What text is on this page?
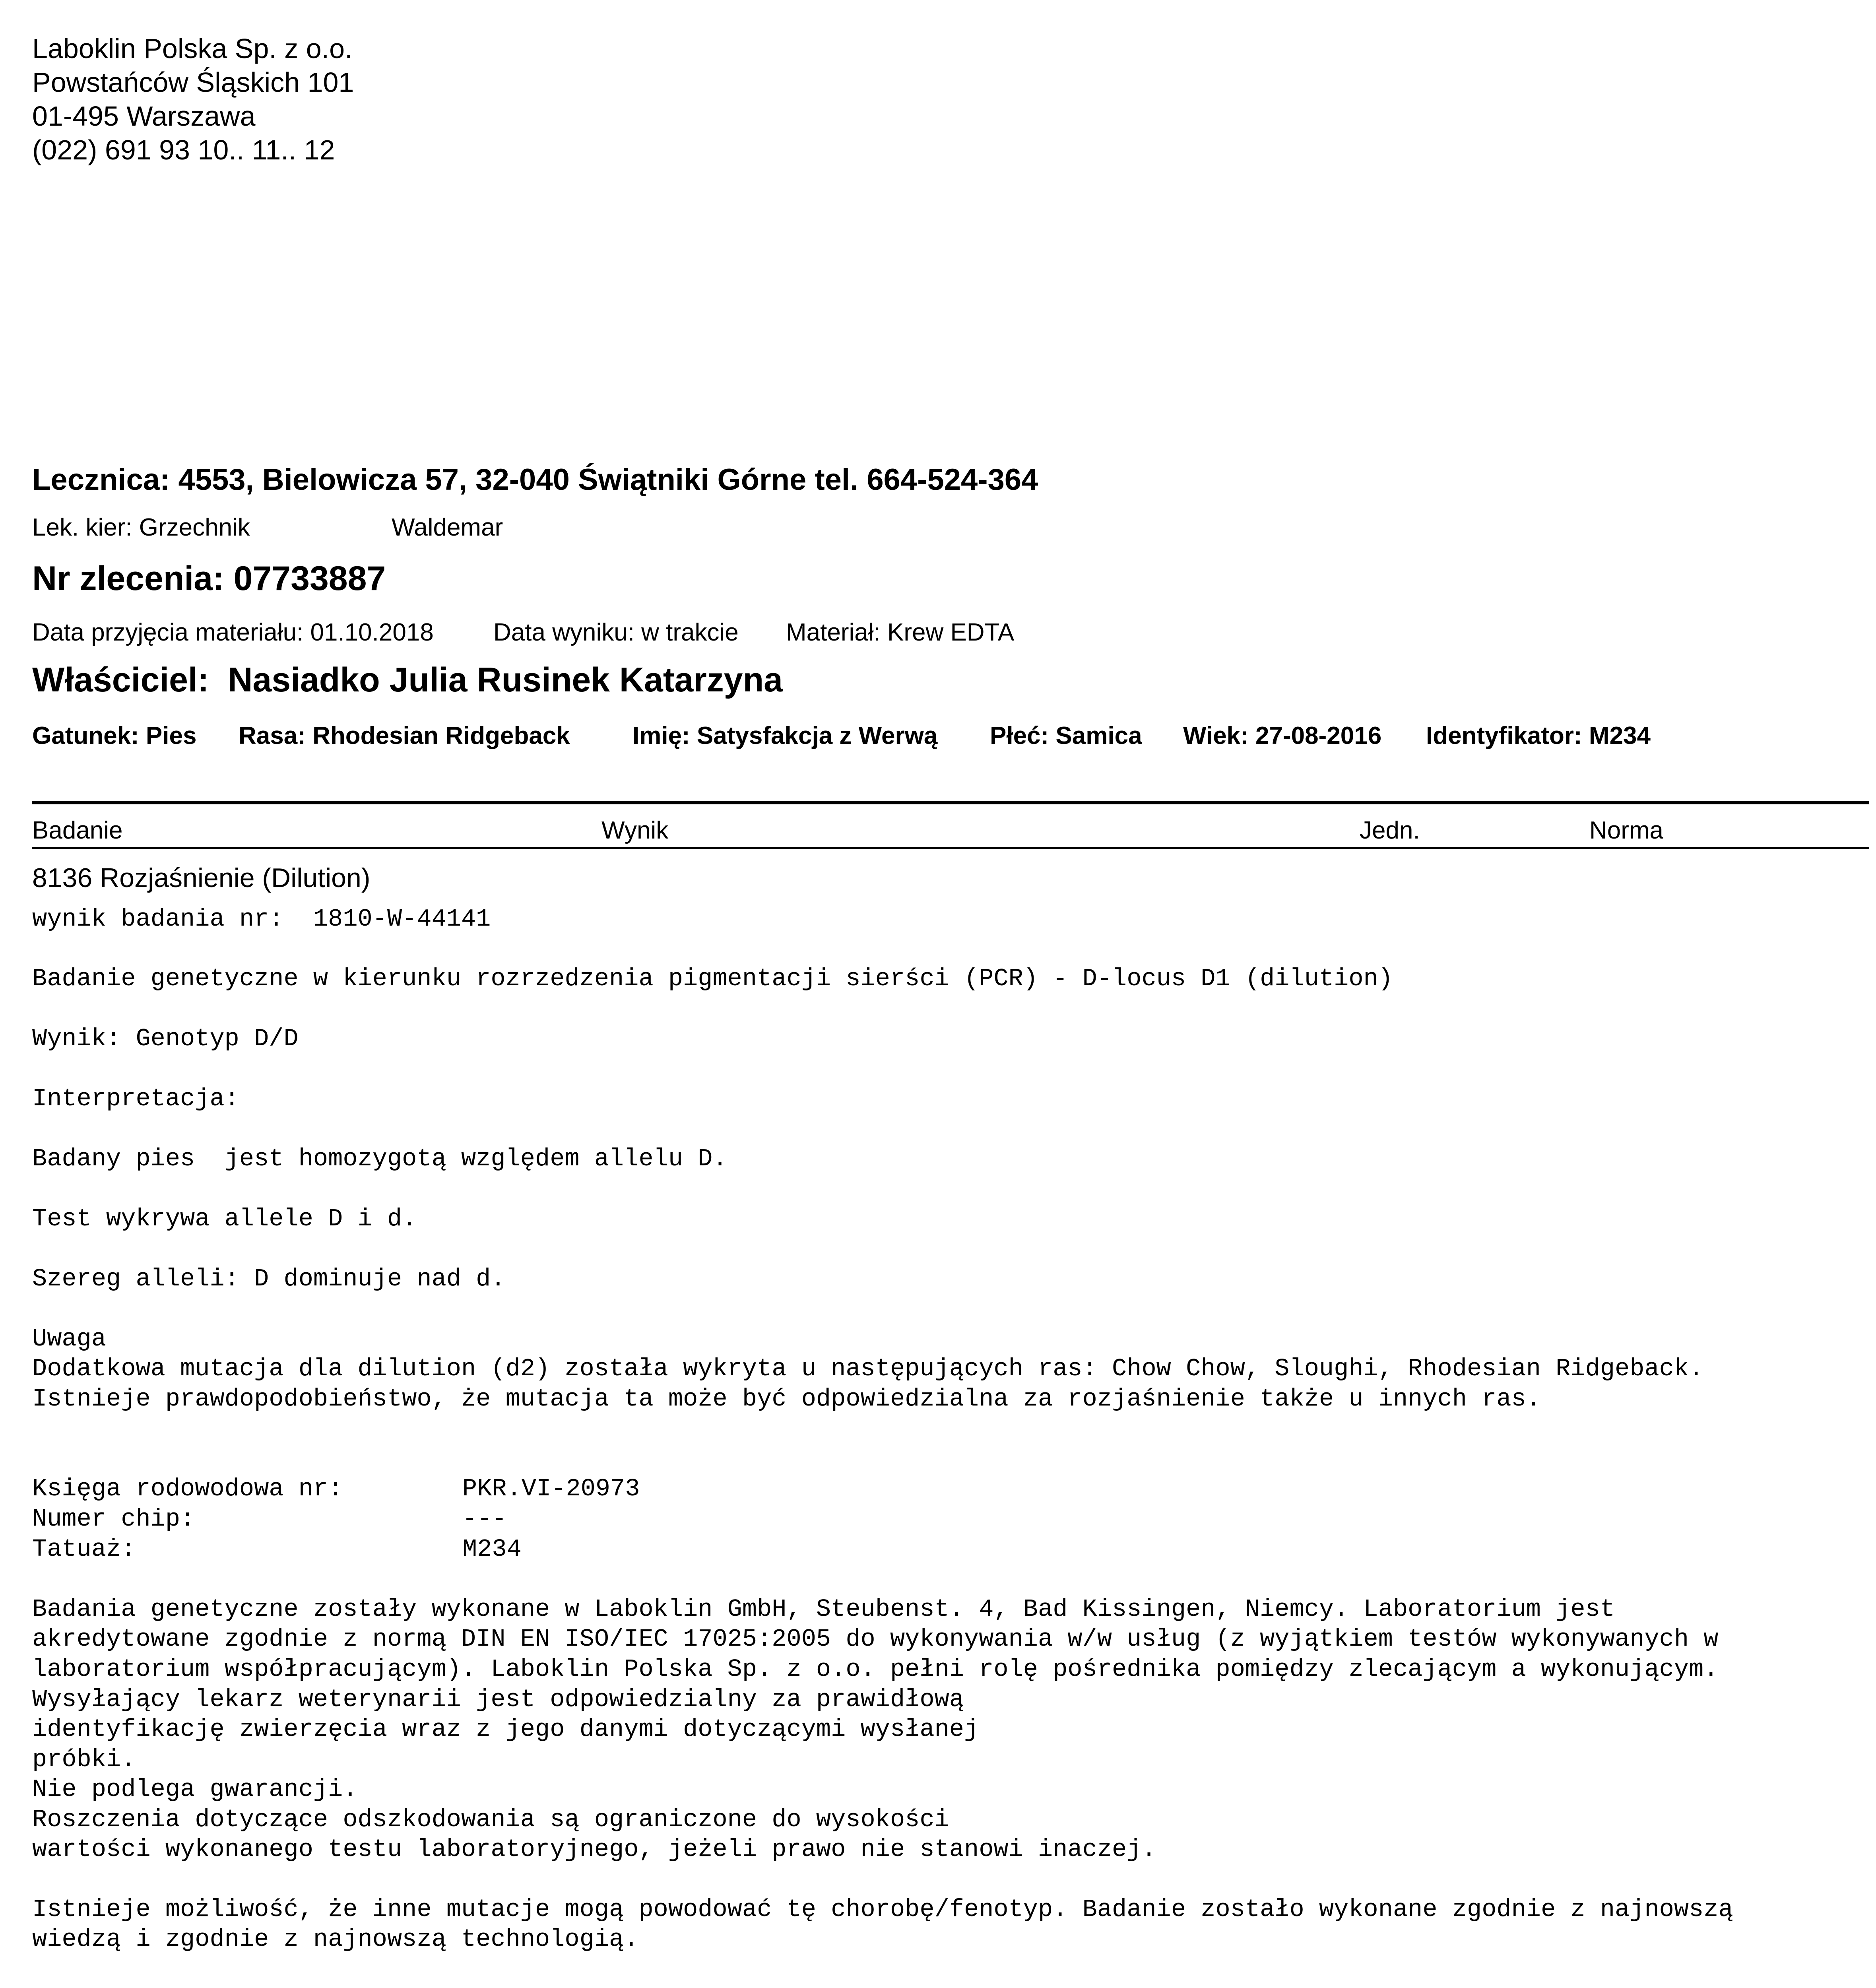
Laboklin Polska Sp. z o.o.
Powstańców Śląskich 101
01-495 Warszawa
(022) 691 93 10.. 11.. 12
Lecznica: 4553, Bielowicza 57, 32-040 Świątniki Górne tel. 664-524-364
Lek. kier: Grzechnik	Waldemar
Nr zlecenia: 07733887
Data przyjęcia materiału: 01.10.2018 Data wyniku: w trakcie Materiał: Krew EDTA
Właściciel:  Nasiadko Julia Rusinek Katarzyna
Gatunek: Pies Rasa: Rhodesian Ridgeback	Imię: Satysfakcja z Werwą Płeć: Samica Wiek: 27-08-2016 Identyfikator: M234
Badanie	Wynik	Jedn.	Norma
8136 Rozjaśnienie (Dilution)
wynik badania nr:  1810-W-44141
Badanie genetyczne w kierunku rozrzedzenia pigmentacji sierści (PCR) - D-locus D1 (dilution)
Wynik: Genotyp D/D
Interpretacja:
Badany pies  jest homozygotą względem allelu D.
Test wykrywa allele D i d.
Szereg alleli: D dominuje nad d.
Uwaga
Dodatkowa mutacja dla dilution (d2) została wykryta u następujących ras: Chow Chow, Sloughi, Rhodesian Ridgeback.
Istnieje prawdopodobieństwo, że mutacja ta może być odpowiedzialna za rozjaśnienie także u innych ras.
Księga rodowodowa nr:	PKR.VI-20973
Numer chip:	---
Tatuaż:	M234
Badania genetyczne zostały wykonane w Laboklin GmbH, Steubenst. 4, Bad Kissingen, Niemcy. Laboratorium jest
akredytowane zgodnie z normą DIN EN ISO/IEC 17025:2005 do wykonywania w/w usług (z wyjątkiem testów wykonywanych w
laboratorium współpracującym). Laboklin Polska Sp. z o.o. pełni rolę pośrednika pomiędzy zlecającym a wykonującym.
Wysyłający lekarz weterynarii jest odpowiedzialny za prawidłową
identyfikację zwierzęcia wraz z jego danymi dotyczącymi wysłanej
próbki.
Nie podlega gwarancji.
Roszczenia dotyczące odszkodowania są ograniczone do wysokości
wartości wykonanego testu laboratoryjnego, jeżeli prawo nie stanowi inaczej.
Istnieje możliwość, że inne mutacje mogą powodować tę chorobę/fenotyp. Badanie zostało wykonane zgodnie z najnowszą
wiedzą i zgodnie z najnowszą technologią.
